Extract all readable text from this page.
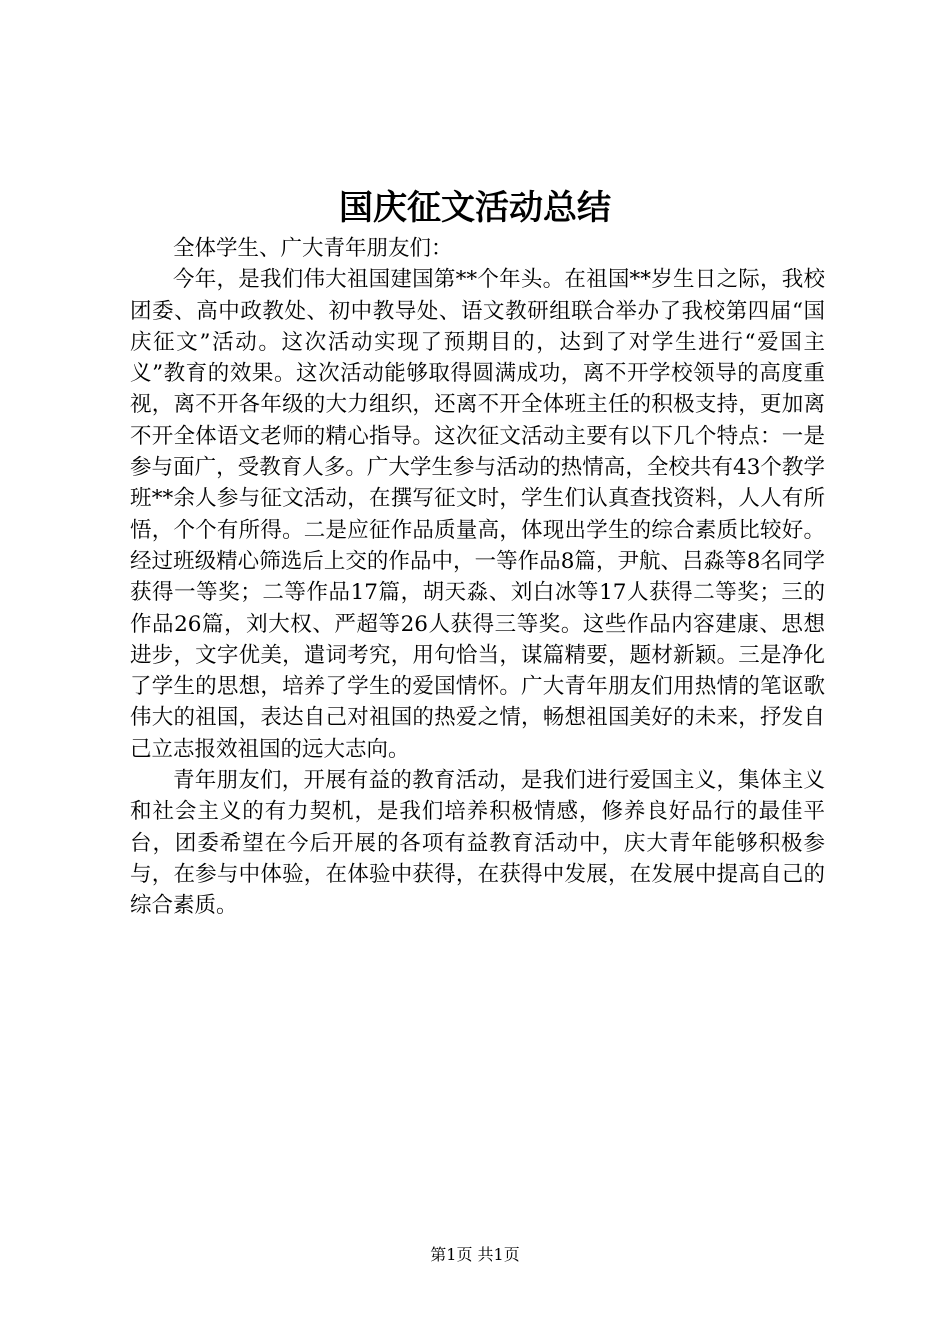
国庆征文活动总结

全体学生、广大青年朋友们：

今年，是我们伟大祖国建国第**个年头。在祖国**岁生日之际，我校团委、高中政教处、初中教导处、语文教研组联合举办了我校第四届“国庆征文”活动。这次活动实现了预期目的，达到了对学生进行“爱国主义”教育的效果。这次活动能够取得圆满成功，离不开学校领导的高度重视，离不开各年级的大力组织，还离不开全体班主任的积极支持，更加离不开全体语文老师的精心指导。这次征文活动主要有以下几个特点：一是参与面广，受教育人多。广大学生参与活动的热情高，全校共有43个教学班**余人参与征文活动，在撰写征文时，学生们认真查找资料，人人有所悟，个个有所得。二是应征作品质量高，体现出学生的综合素质比较好。经过班级精心筛选后上交的作品中，一等作品8篇，尹航、吕淼等8名同学获得一等奖；二等作品17篇，胡天淼、刘白冰等17人获得二等奖；三的作品26篇，刘大权、严超等26人获得三等奖。这些作品内容建康、思想进步，文字优美，遣词考究，用句恰当，谋篇精要，题材新颖。三是净化了学生的思想，培养了学生的爱国情怀。广大青年朋友们用热情的笔讴歌伟大的祖国，表达自己对祖国的热爱之情，畅想祖国美好的未来，抒发自己立志报效祖国的远大志向。

青年朋友们，开展有益的教育活动，是我们进行爱国主义，集体主义和社会主义的有力契机，是我们培养积极情感，修养良好品行的最佳平台，团委希望在今后开展的各项有益教育活动中，庆大青年能够积极参与，在参与中体验，在体验中获得，在获得中发展，在发展中提高自己的综合素质。

第1页 共1页
